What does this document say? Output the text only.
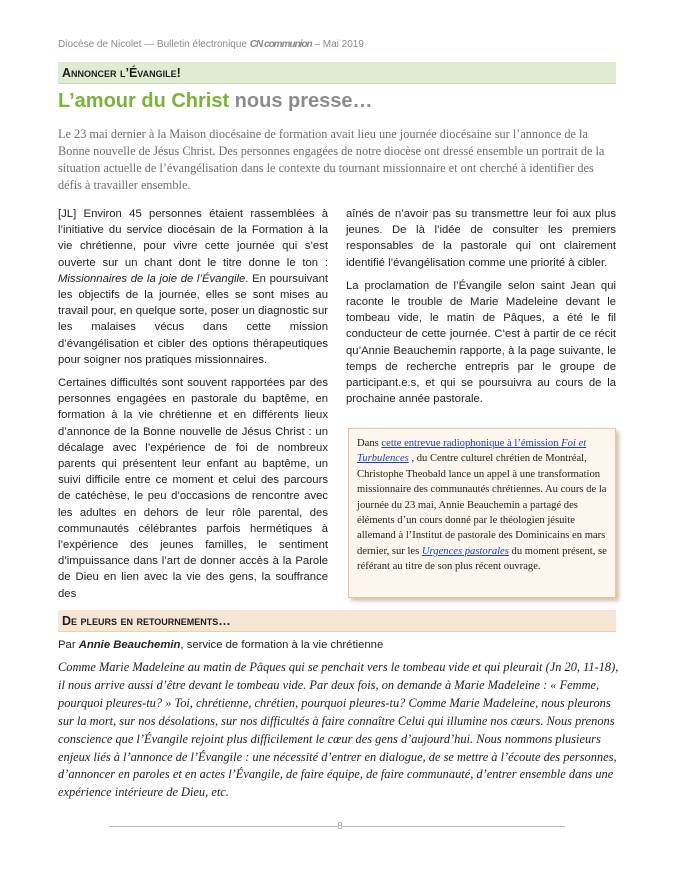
Diocèse de Nicolet — Bulletin électronique CN communion – Mai 2019
Annoncer l’Évangile!
L’amour du Christ nous presse…

Le 23 mai dernier à la Maison diocésaine de formation avait lieu une journée diocésaine sur l’annonce de la Bonne nouvelle de Jésus Christ. Des personnes engagées de notre diocèse ont dressé ensemble un portrait de la situation actuelle de l’évangélisation dans le contexte du tournant missionnaire et ont cherché à identifier des défis à travailler ensemble.

[JL] Environ 45 personnes étaient rassemblées à l’initiative du service diocésain de la Formation à la vie chrétienne, pour vivre cette journée qui s’est ouverte sur un chant dont le titre donne le ton : Missionnaires de la joie de l’Évangile. En poursuivant les objectifs de la journée, elles se sont mises au travail pour, en quelque sorte, poser un diagnostic sur les malaises vécus dans cette mission d’évangélisation et cibler des options thérapeutiques pour soigner nos pratiques missionnaires.

Certaines difficultés sont souvent rapportées par des personnes engagées en pastorale du baptême, en formation à la vie chrétienne et en différents lieux d’annonce de la Bonne nouvelle de Jésus Christ : un décalage avec l’expérience de foi de nombreux parents qui présentent leur enfant au baptême, un suivi difficile entre ce moment et celui des parcours de catéchèse, le peu d’occasions de rencontre avec les adultes en dehors de leur rôle parental, des communautés célébrantes parfois hermétiques à l’expérience des jeunes familles, le sentiment d’impuissance dans l’art de donner accès à la Parole de Dieu en lien avec la vie des gens, la souffrance des

aînés de n’avoir pas su transmettre leur foi aux plus jeunes. De là l’idée de consulter les premiers responsables de la pastorale qui ont clairement identifié l’évangélisation comme une priorité à cibler.

La proclamation de l’Évangile selon saint Jean qui raconte le trouble de Marie Madeleine devant le tombeau vide, le matin de Pâques, a été le fil conducteur de cette journée. C’est à partir de ce récit qu’Annie Beauchemin rapporte, à la page suivante, le temps de recherche entrepris par le groupe de participant.e.s, et qui se poursuivra au cours de la prochaine année pastorale.

Dans cette entrevue radiophonique à l’émission Foi et Turbulences , du Centre culturel chrétien de Montréal, Christophe Theobald lance un appel à une transformation missionnaire des communautés chrétiennes. Au cours de la journée du 23 mai, Annie Beauchemin a partagé des éléments d’un cours donné par le théologien jésuite allemand à l’Institut de pastorale des Dominicains en mars dernier, sur les Urgences pastorales du moment présent, se référant au titre de son plus récent ouvrage.
De pleurs en retournements…
Par Annie Beauchemin, service de formation à la vie chrétienne

Comme Marie Madeleine au matin de Pâques qui se penchait vers le tombeau vide et qui pleurait (Jn 20, 11-18), il nous arrive aussi d’être devant le tombeau vide. Par deux fois, on demande à Marie Madeleine : « Femme, pourquoi pleures-tu? » Toi, chrétienne, chrétien, pourquoi pleures-tu? Comme Marie Madeleine, nous pleurons sur la mort, sur nos désolations, sur nos difficultés à faire connaître Celui qui illumine nos cœurs. Nous prenons conscience que l’Évangile rejoint plus difficilement le cœur des gens d’aujourd’hui. Nous nommons plusieurs enjeux liés à l’annonce de l’Évangile : une nécessité d’entrer en dialogue, de se mettre à l’écoute des personnes, d’annoncer en paroles et en actes l’Évangile, de faire équipe, de faire communauté, d’entrer ensemble dans une expérience intérieure de Dieu, etc.

8
